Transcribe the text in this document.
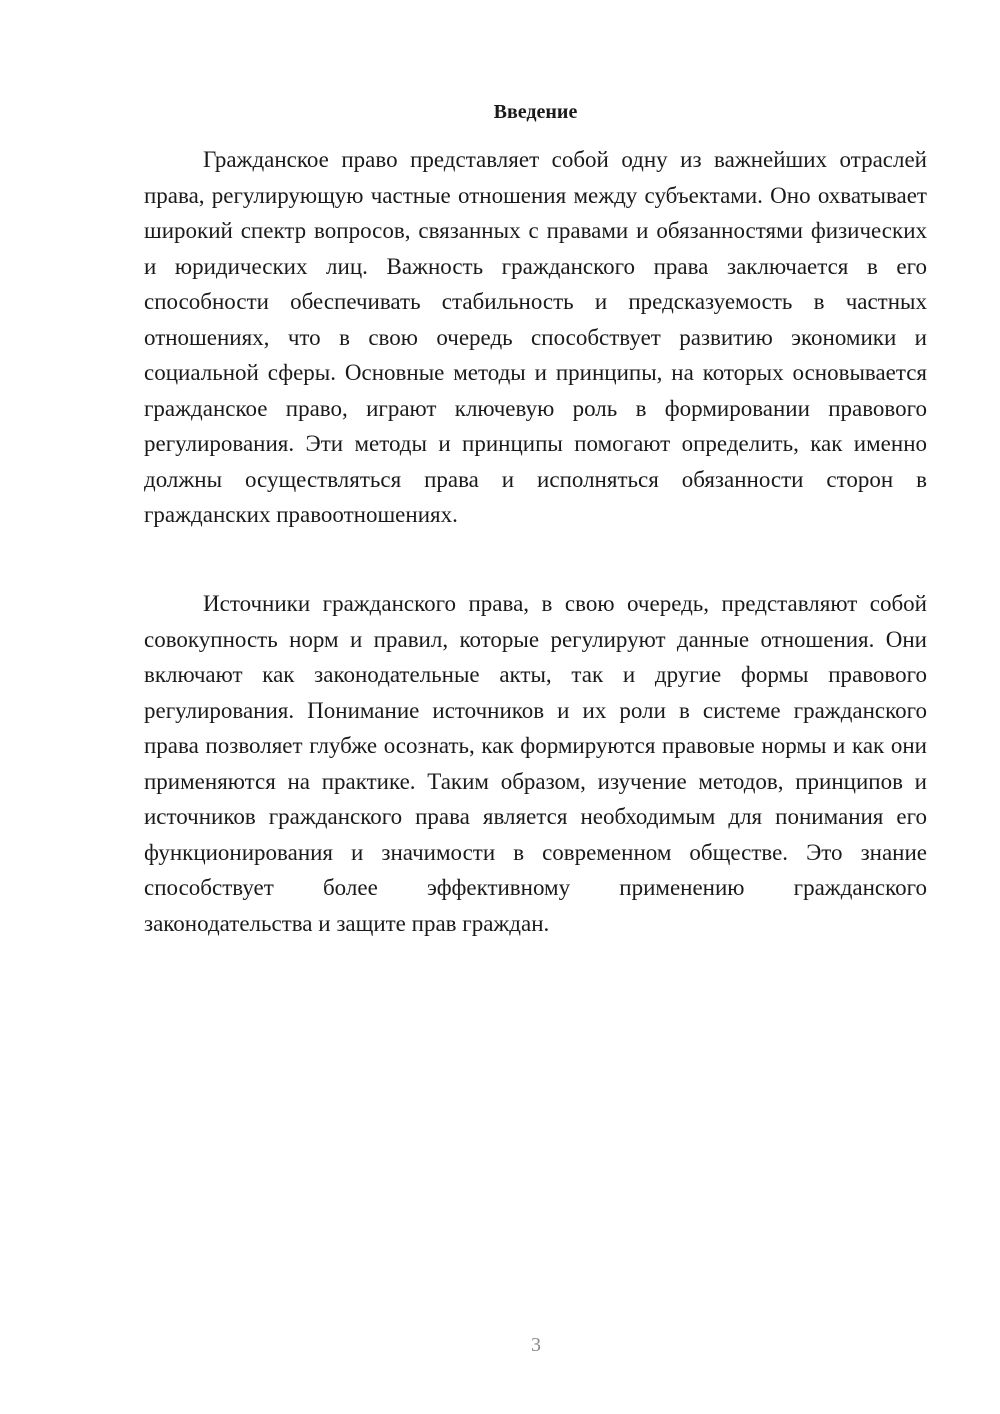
Введение

Гражданское право представляет собой одну из важнейших отраслей права, регулирующую частные отношения между субъектами. Оно охватывает широкий спектр вопросов, связанных с правами и обязанностями физических и юридических лиц. Важность гражданского права заключается в его способности обеспечивать стабильность и предсказуемость в частных отношениях, что в свою очередь способствует развитию экономики и социальной сферы. Основные методы и принципы, на которых основывается гражданское право, играют ключевую роль в формировании правового регулирования. Эти методы и принципы помогают определить, как именно должны осуществляться права и исполняться обязанности сторон в гражданских правоотношениях.

Источники гражданского права, в свою очередь, представляют собой совокупность норм и правил, которые регулируют данные отношения. Они включают как законодательные акты, так и другие формы правового регулирования. Понимание источников и их роли в системе гражданского права позволяет глубже осознать, как формируются правовые нормы и как они применяются на практике. Таким образом, изучение методов, принципов и источников гражданского права является необходимым для понимания его функционирования и значимости в современном обществе. Это знание способствует более эффективному применению гражданского законодательства и защите прав граждан.

3
